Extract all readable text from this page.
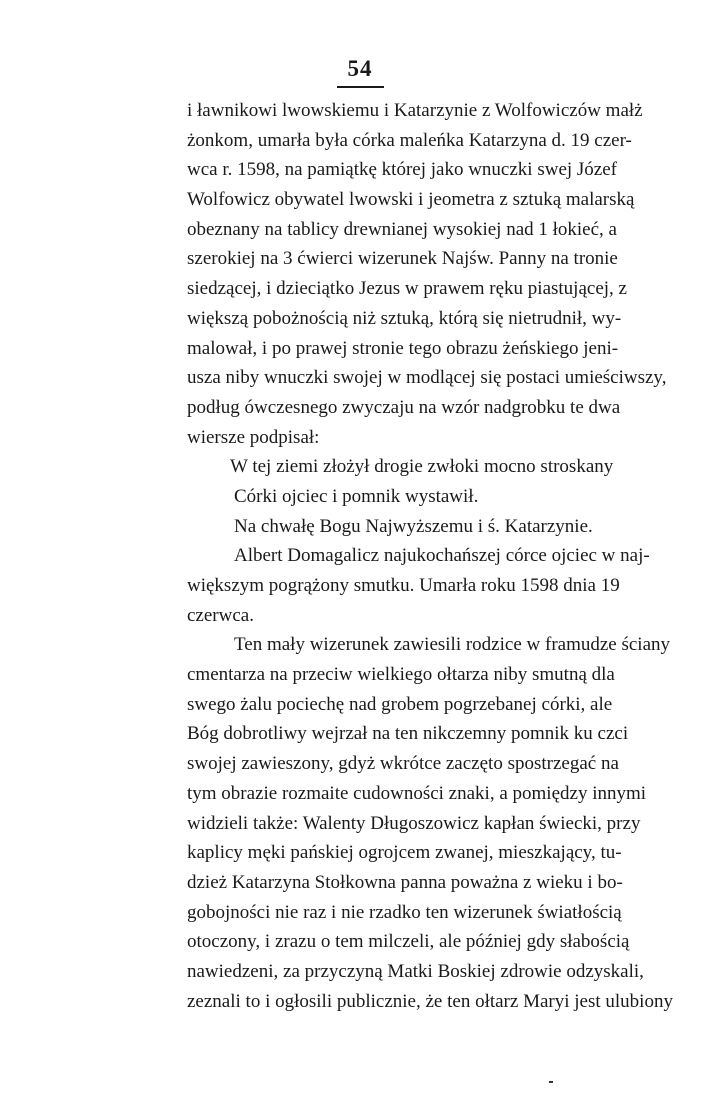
54
i ławnikowi lwowskiemu i Katarzynie z Wolfowiczów małż
żonkom, umarła była córka maleńka Katarzyna d. 19 czer-
wca r. 1598, na pamiątkę której jako wnuczki swej Józef
Wolfowicz obywatel lwowski i jeometra z sztuką malarską
obeznany na tablicy drewnianej wysokiej nad 1 łokieć, a
szerokiej na 3 ćwierci wizerunek Najśw. Panny na tronie
siedzącej, i dzieciątko Jezus w prawem ręku piastującej, z
większą pobożnością niż sztuką, którą się nietrudnił, wy-
malował, i po prawej stronie tego obrazu żeńskiego jeni-
usza niby wnuczki swojej w modlącej się postaci umieściwszy,
podług ówczesnego zwyczaju na wzór nadgrobku te dwa
wiersze podpisał:
W tej ziemi złożył drogie zwłoki mocno stroskany
Córki ojciec i pomnik wystawił.
Na chwałę Bogu Najwyższemu i ś. Katarzynie.
Albert Domagalicz najukochańszej córce ojciec w naj-
większym pogrążony smutku. Umarła roku 1598 dnia 19
czerwca.
Ten mały wizerunek zawiesili rodzice w framudze ściany
cmentarza na przeciw wielkiego ołtarza niby smutną dla
swego żalu pociechę nad grobem pogrzebanej córki, ale
Bóg dobrotliwy wejrzał na ten nikczemny pomnik ku czci
swojej zawieszony, gdyż wkrótce zaczęto spostrzegać na
tym obrazie rozmaite cudowności znaki, a pomiędzy innymi
widzieli także: Walenty Długoszowicz kapłan świecki, przy
kaplicy męki pańskiej ogrojcem zwanej, mieszkający, tu-
dzież Katarzyna Stołkowna panna poważna z wieku i bo-
gobojności nie raz i nie rzadko ten wizerunek światłością
otoczony, i zrazu o tem milczeli, ale później gdy słabością
nawiedzeni, za przyczyną Matki Boskiej zdrowie odzyskali,
zeznali to i ogłosili publicznie, że ten ołtarz Maryi jest ulubiony
